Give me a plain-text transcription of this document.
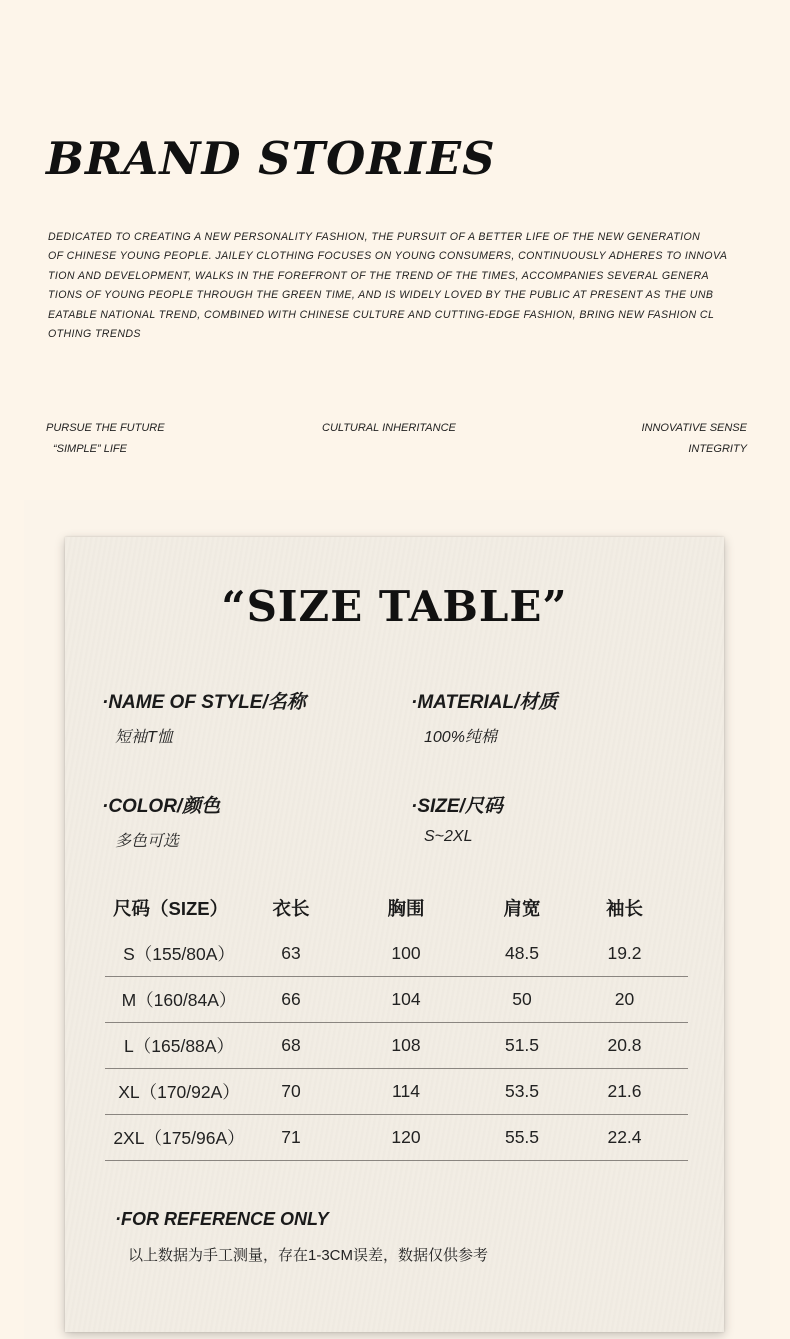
BRAND STORIES

DEDICATED TO CREATING A NEW PERSONALITY FASHION, THE PURSUIT OF A BETTER LIFE OF THE NEW GENERATION
OF CHINESE YOUNG PEOPLE. JAILEY CLOTHING FOCUSES ON YOUNG CONSUMERS, CONTINUOUSLY ADHERES TO INNOVA
TION AND DEVELOPMENT, WALKS IN THE FOREFRONT OF THE TREND OF THE TIMES, ACCOMPANIES SEVERAL GENERA
TIONS OF YOUNG PEOPLE THROUGH THE GREEN TIME, AND IS WIDELY LOVED BY THE PUBLIC AT PRESENT AS THE UNB
EATABLE NATIONAL TREND, COMBINED WITH CHINESE CULTURE AND CUTTING-EDGE FASHION, BRING NEW FASHION CL
OTHING TRENDS

PURSUE THE FUTURE
“SIMPLE” LIFE
CULTURAL INHERITANCE	INNOVATIVE SENSE
INTEGRITY
“SIZE TABLE”
·NAME OF STYLE/名称
短袖T恤
·MATERIAL/材质
100%纯棉
·COLOR/颜色
多色可选
·SIZE/尺码
S~2XL
尺码（SIZE）	衣长	胸围	肩宽	袖长
S（155/80A）	63	100	48.5	19.2
M（160/84A）	66	104	50	20
L（165/88A）	68	108	51.5	20.8
XL（170/92A）	70	114	53.5	21.6
2XL（175/96A）	71	120	55.5	22.4
·FOR REFERENCE ONLY
以上数据为手工测量，存在1-3CM误差，数据仅供参考
